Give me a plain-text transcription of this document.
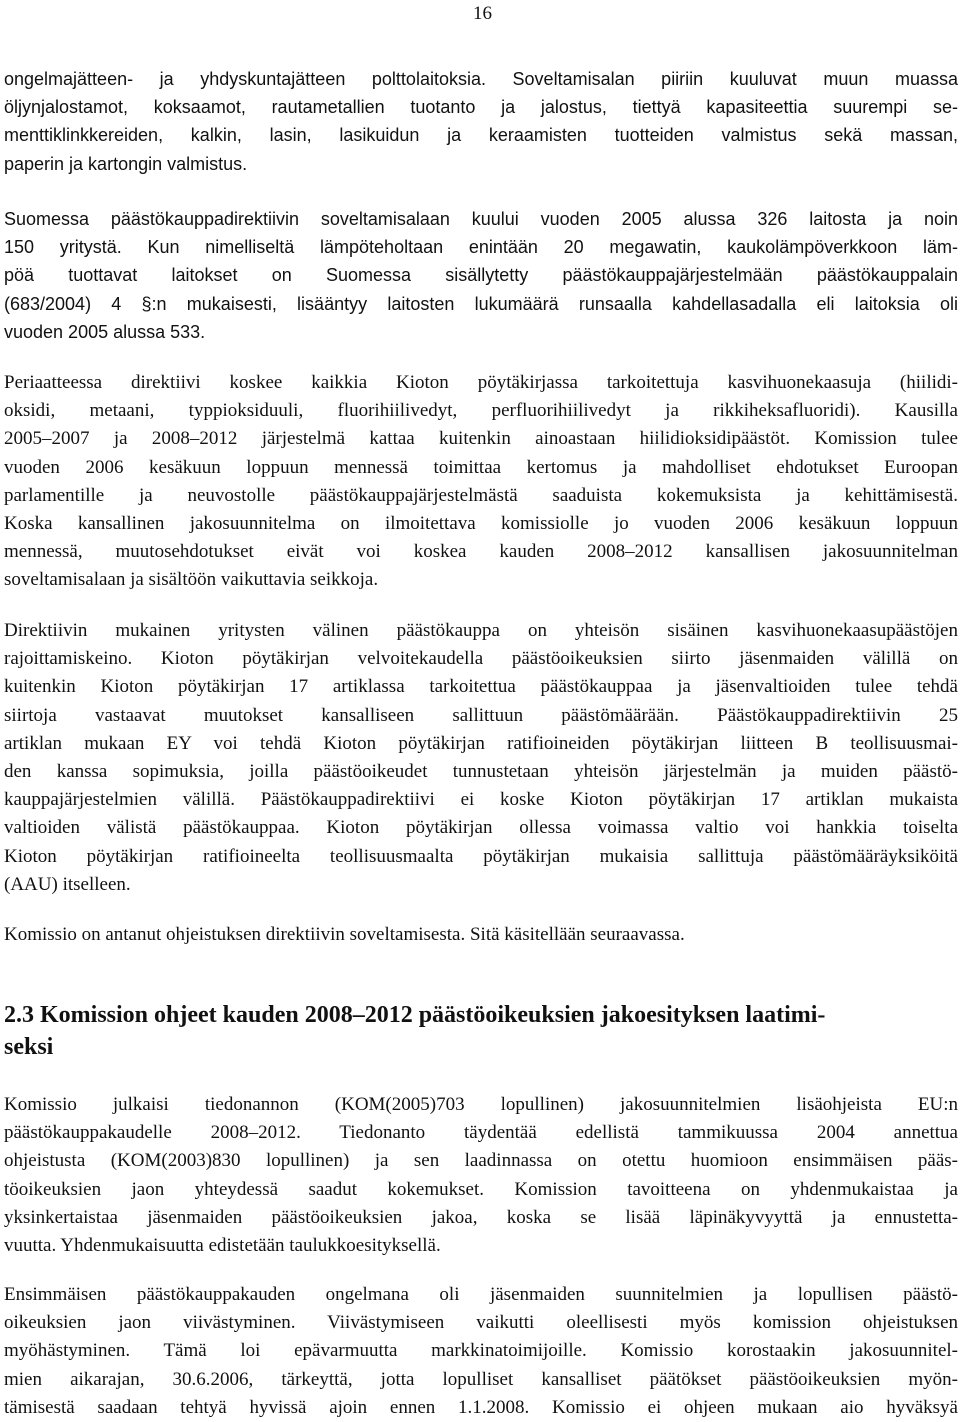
16
ongelmajätteen- ja yhdyskuntajätteen polttolaitoksia. Soveltamisalan piiriin kuuluvat muun muassa
öljynjalostamot, koksaamot, rautametallien tuotanto ja jalostus, tiettyä kapasiteettia suurempi se-
menttiklinkkereiden, kalkin, lasin, lasikuidun ja keraamisten tuotteiden valmistus sekä massan,
paperin ja kartongin valmistus.
Suomessa päästökauppadirektiivin soveltamisalaan kuului vuoden 2005 alussa 326 laitosta ja noin
150 yritystä. Kun nimelliseltä lämpöteholtaan enintään 20 megawatin, kaukolämpöverkkoon läm-
pöä tuottavat laitokset on Suomessa sisällytetty päästökauppajärjestelmään päästökauppalain
(683/2004) 4 §:n mukaisesti, lisääntyy laitosten lukumäärä runsaalla kahdellasadalla eli laitoksia oli
vuoden 2005 alussa 533.
Periaatteessa direktiivi koskee kaikkia Kioton pöytäkirjassa tarkoitettuja kasvihuonekaasuja (hiilidi-
oksidi, metaani, typpioksiduuli, fluorihiilivedyt, perfluorihiilivedyt ja rikkiheksafluoridi). Kausilla
2005–2007 ja 2008–2012 järjestelmä kattaa kuitenkin ainoastaan hiilidioksidipäästöt. Komission tulee
vuoden 2006 kesäkuun loppuun mennessä toimittaa kertomus ja mahdolliset ehdotukset Euroopan
parlamentille ja neuvostolle päästökauppajärjestelmästä saaduista kokemuksista ja kehittämisestä.
Koska kansallinen jakosuunnitelma on ilmoitettava komissiolle jo vuoden 2006 kesäkuun loppuun
mennessä, muutosehdotukset eivät voi koskea kauden 2008–2012 kansallisen jakosuunnitelman
soveltamisalaan ja sisältöön vaikuttavia seikkoja.
Direktiivin mukainen yritysten välinen päästökauppa on yhteisön sisäinen kasvihuonekaasupäästöjen
rajoittamiskeino. Kioton pöytäkirjan velvoitekaudella päästöoikeuksien siirto jäsenmaiden välillä on
kuitenkin Kioton pöytäkirjan 17 artiklassa tarkoitettua päästökauppaa ja jäsenvaltioiden tulee tehdä
siirtoja vastaavat muutokset kansalliseen sallittuun päästömäärään. Päästökauppadirektiivin 25
artiklan mukaan EY voi tehdä Kioton pöytäkirjan ratifioineiden pöytäkirjan liitteen B teollisuusmai-
den kanssa sopimuksia, joilla päästöoikeudet tunnustetaan yhteisön järjestelmän ja muiden päästö-
kauppajärjestelmien välillä. Päästökauppadirektiivi ei koske Kioton pöytäkirjan 17 artiklan mukaista
valtioiden välistä päästökauppaa. Kioton pöytäkirjan ollessa voimassa valtio voi hankkia toiselta
Kioton pöytäkirjan ratifioineelta teollisuusmaalta pöytäkirjan mukaisia sallittuja päästömääräyksiköitä
(AAU) itselleen.
Komissio on antanut ohjeistuksen direktiivin soveltamisesta. Sitä käsitellään seuraavassa.
2.3 Komission ohjeet kauden 2008–2012 päästöoikeuksien jakoesityksen laatimi-
seksi
Komissio julkaisi tiedonannon (KOM(2005)703 lopullinen) jakosuunnitelmien lisäohjeista EU:n
päästökauppakaudelle 2008–2012. Tiedonanto täydentää edellistä tammikuussa 2004 annettua
ohjeistusta (KOM(2003)830 lopullinen) ja sen laadinnassa on otettu huomioon ensimmäisen pääs-
töoikeuksien jaon yhteydessä saadut kokemukset. Komission tavoitteena on yhdenmukaistaa ja
yksinkertaistaa jäsenmaiden päästöoikeuksien jakoa, koska se lisää läpinäkyvyyttä ja ennustetta-
vuutta. Yhdenmukaisuutta edistetään taulukkoesityksellä.
Ensimmäisen päästökauppakauden ongelmana oli jäsenmaiden suunnitelmien ja lopullisen päästö-
oikeuksien jaon viivästyminen. Viivästymiseen vaikutti oleellisesti myös komission ohjeistuksen
myöhästyminen. Tämä loi epävarmuutta markkinatoimijoille. Komissio korostaakin jakosuunnitel-
mien aikarajan, 30.6.2006, tärkeyttä, jotta lopulliset kansalliset päätökset päästöoikeuksien myön-
tämisestä saadaan tehtyä hyvissä ajoin ennen 1.1.2008. Komissio ei ohjeen mukaan aio hyväksyä
